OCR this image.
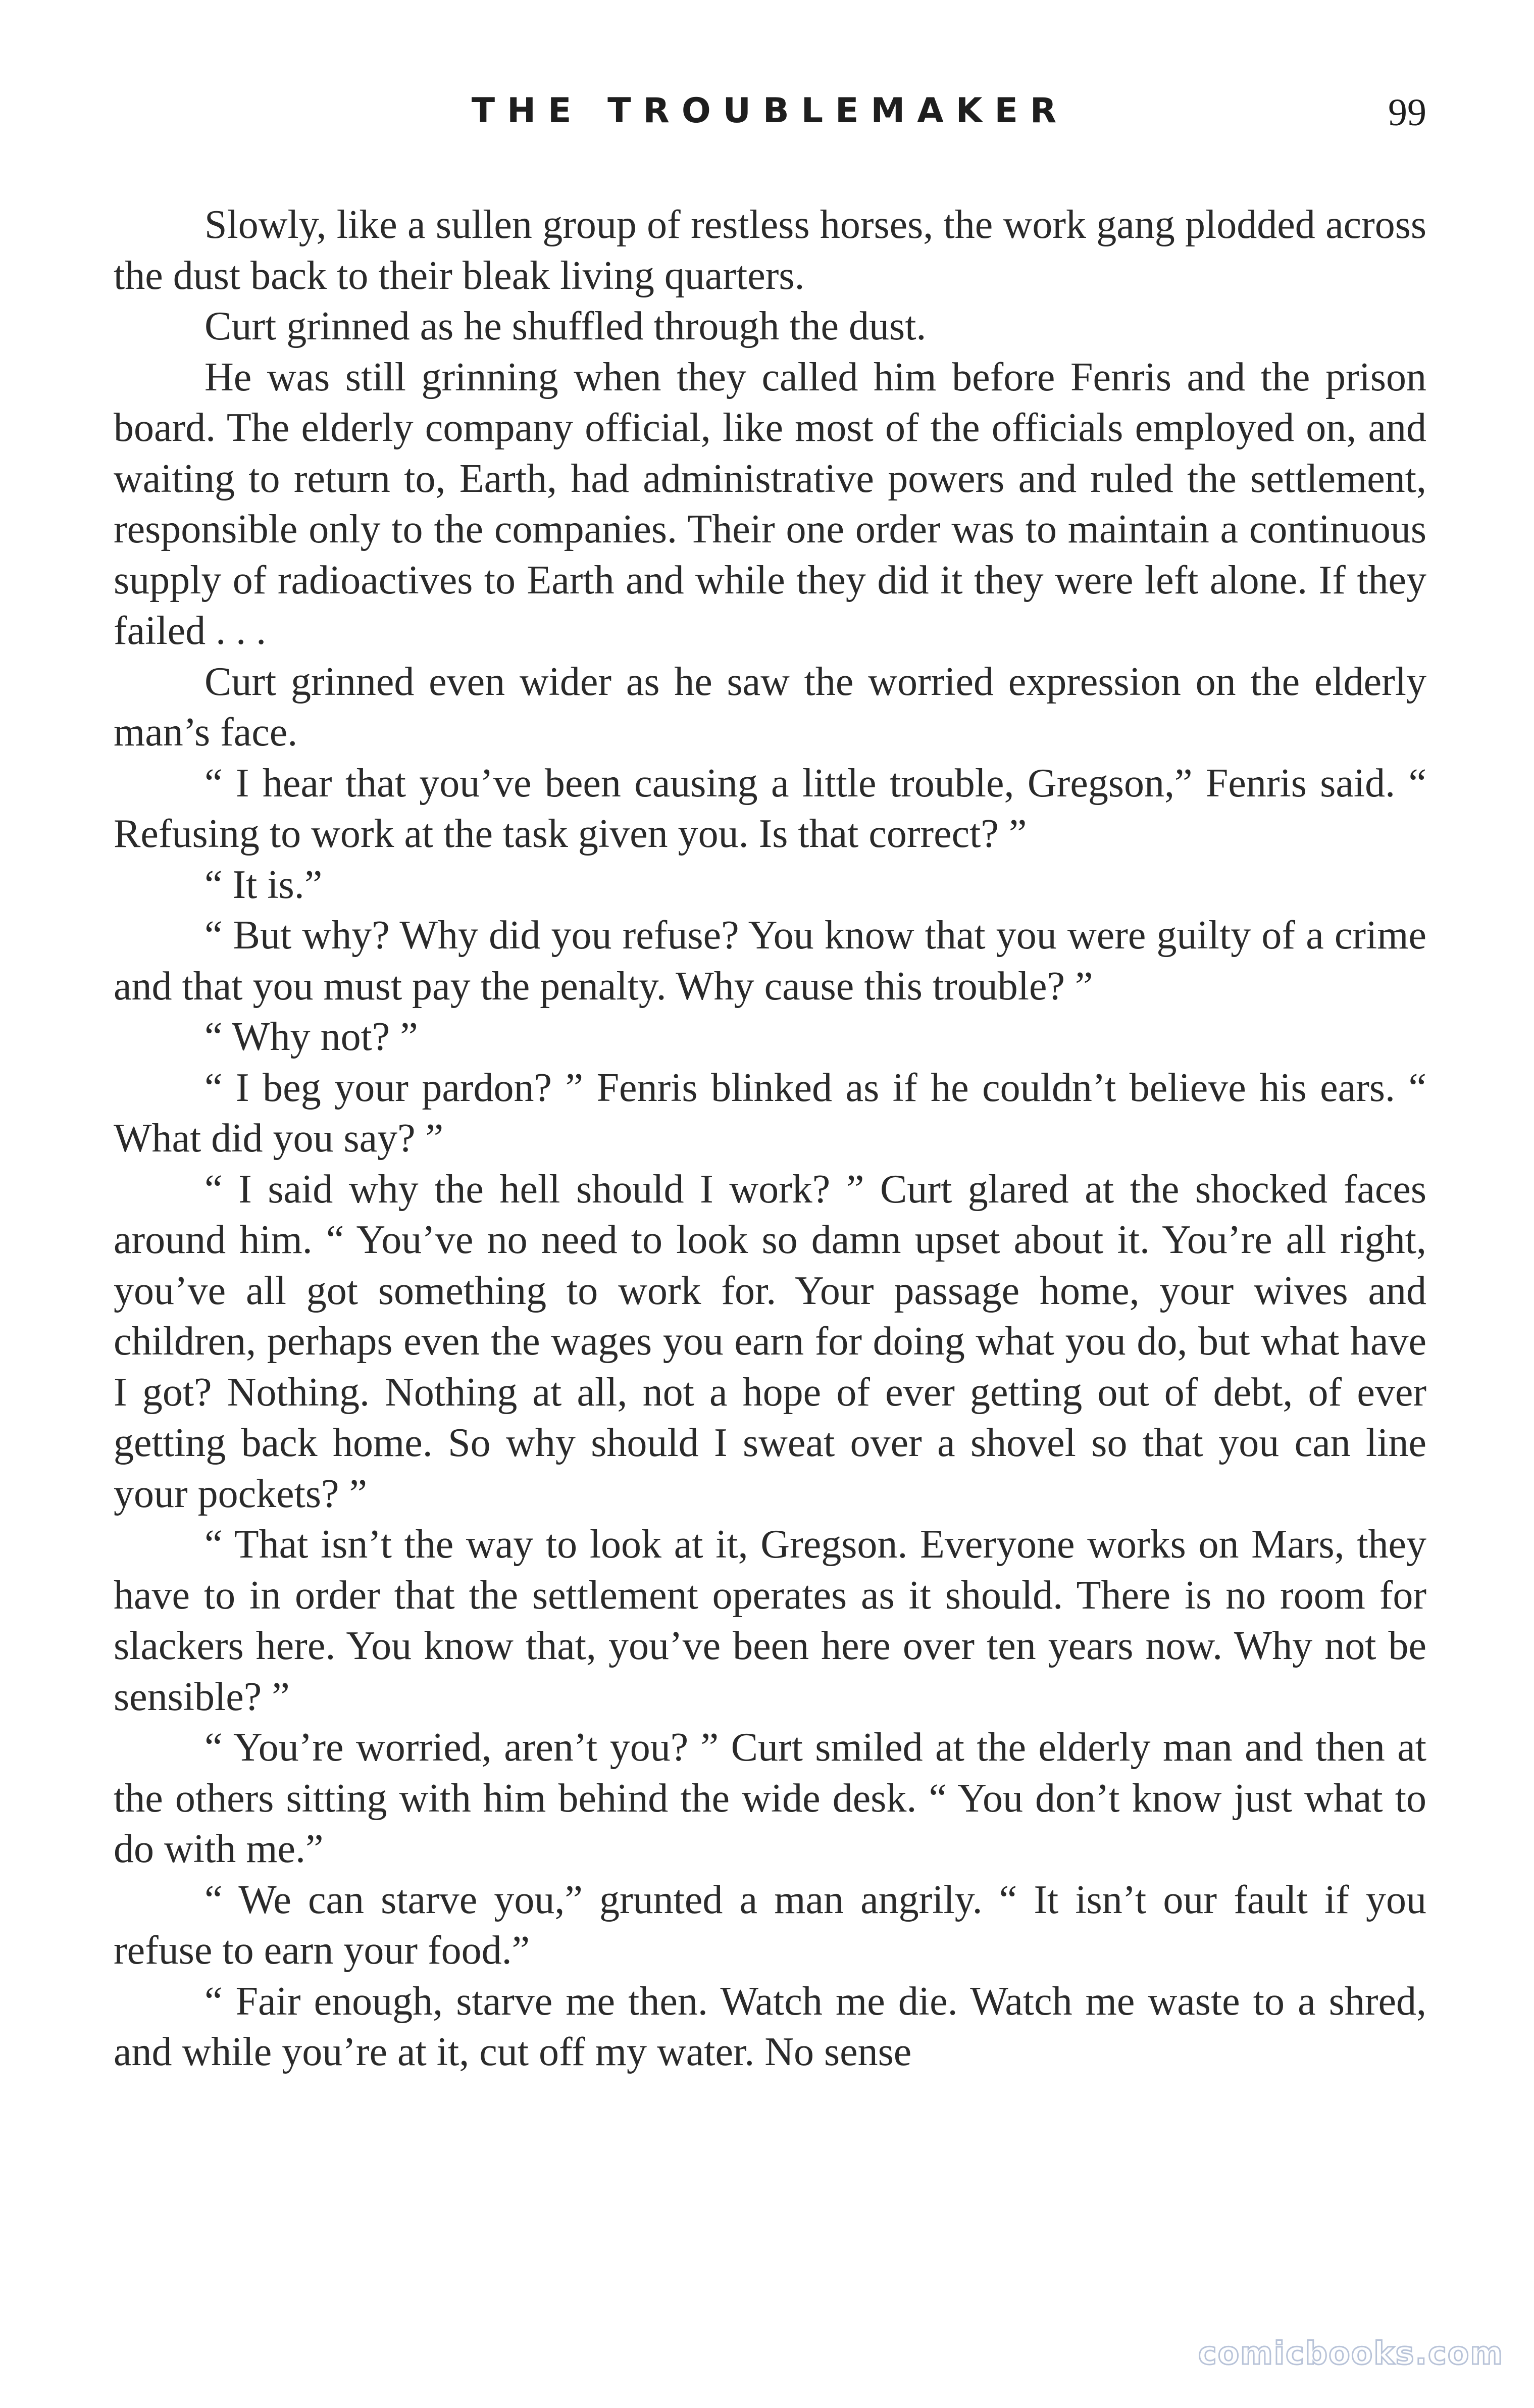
THE TROUBLEMAKER	99

Slowly, like a sullen group of restless horses, the work gang plodded across the dust back to their bleak living quarters.

Curt grinned as he shuffled through the dust.

He was still grinning when they called him before Fenris and the prison board. The elderly company official, like most of the officials employed on, and waiting to return to, Earth, had administrative powers and ruled the settlement, responsible only to the companies. Their one order was to maintain a continuous supply of radioactives to Earth and while they did it they were left alone. If they failed . . .

Curt grinned even wider as he saw the worried expression on the elderly man’s face.

“ I hear that you’ve been causing a little trouble, Gregson,” Fenris said. “ Refusing to work at the task given you. Is that correct? ”

“ It is.”

“ But why? Why did you refuse? You know that you were guilty of a crime and that you must pay the penalty. Why cause this trouble? ”

“ Why not? ”

“ I beg your pardon? ” Fenris blinked as if he couldn’t believe his ears. “ What did you say? ”

“ I said why the hell should I work? ” Curt glared at the shocked faces around him. “ You’ve no need to look so damn upset about it. You’re all right, you’ve all got something to work for. Your passage home, your wives and children, perhaps even the wages you earn for doing what you do, but what have I got? Nothing. Nothing at all, not a hope of ever getting out of debt, of ever getting back home. So why should I sweat over a shovel so that you can line your pockets? ”

“ That isn’t the way to look at it, Gregson. Everyone works on Mars, they have to in order that the settlement operates as it should. There is no room for slackers here. You know that, you’ve been here over ten years now. Why not be sensible? ”

“ You’re worried, aren’t you? ” Curt smiled at the elderly man and then at the others sitting with him behind the wide desk. “ You don’t know just what to do with me.”

“ We can starve you,” grunted a man angrily. “ It isn’t our fault if you refuse to earn your food.”

“ Fair enough, starve me then. Watch me die. Watch me waste to a shred, and while you’re at it, cut off my water. No sense

comicbooks.com
